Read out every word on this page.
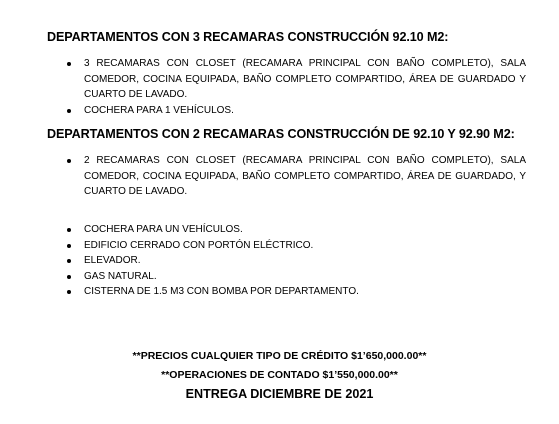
DEPARTAMENTOS CON 3 RECAMARAS CONSTRUCCIÓN 92.10 M2:
3 RECAMARAS CON CLOSET (RECAMARA PRINCIPAL CON BAÑO COMPLETO), SALA COMEDOR, COCINA EQUIPADA, BAÑO COMPLETO COMPARTIDO, ÁREA DE GUARDADO Y CUARTO DE LAVADO.
COCHERA PARA 1 VEHÍCULOS.
DEPARTAMENTOS CON 2 RECAMARAS CONSTRUCCIÓN DE 92.10 Y 92.90 M2:
2 RECAMARAS CON CLOSET (RECAMARA PRINCIPAL CON BAÑO COMPLETO), SALA COMEDOR, COCINA EQUIPADA, BAÑO COMPLETO COMPARTIDO, ÁREA DE GUARDADO, Y CUARTO DE LAVADO.
COCHERA PARA UN VEHÍCULOS.
EDIFICIO CERRADO CON PORTÓN ELÉCTRICO.
ELEVADOR.
GAS NATURAL.
CISTERNA DE 1.5 M3 CON BOMBA POR DEPARTAMENTO.
**PRECIOS CUALQUIER TIPO DE CRÉDITO $1’650,000.00**
**OPERACIONES DE CONTADO $1’550,000.00**
ENTREGA DICIEMBRE DE 2021
